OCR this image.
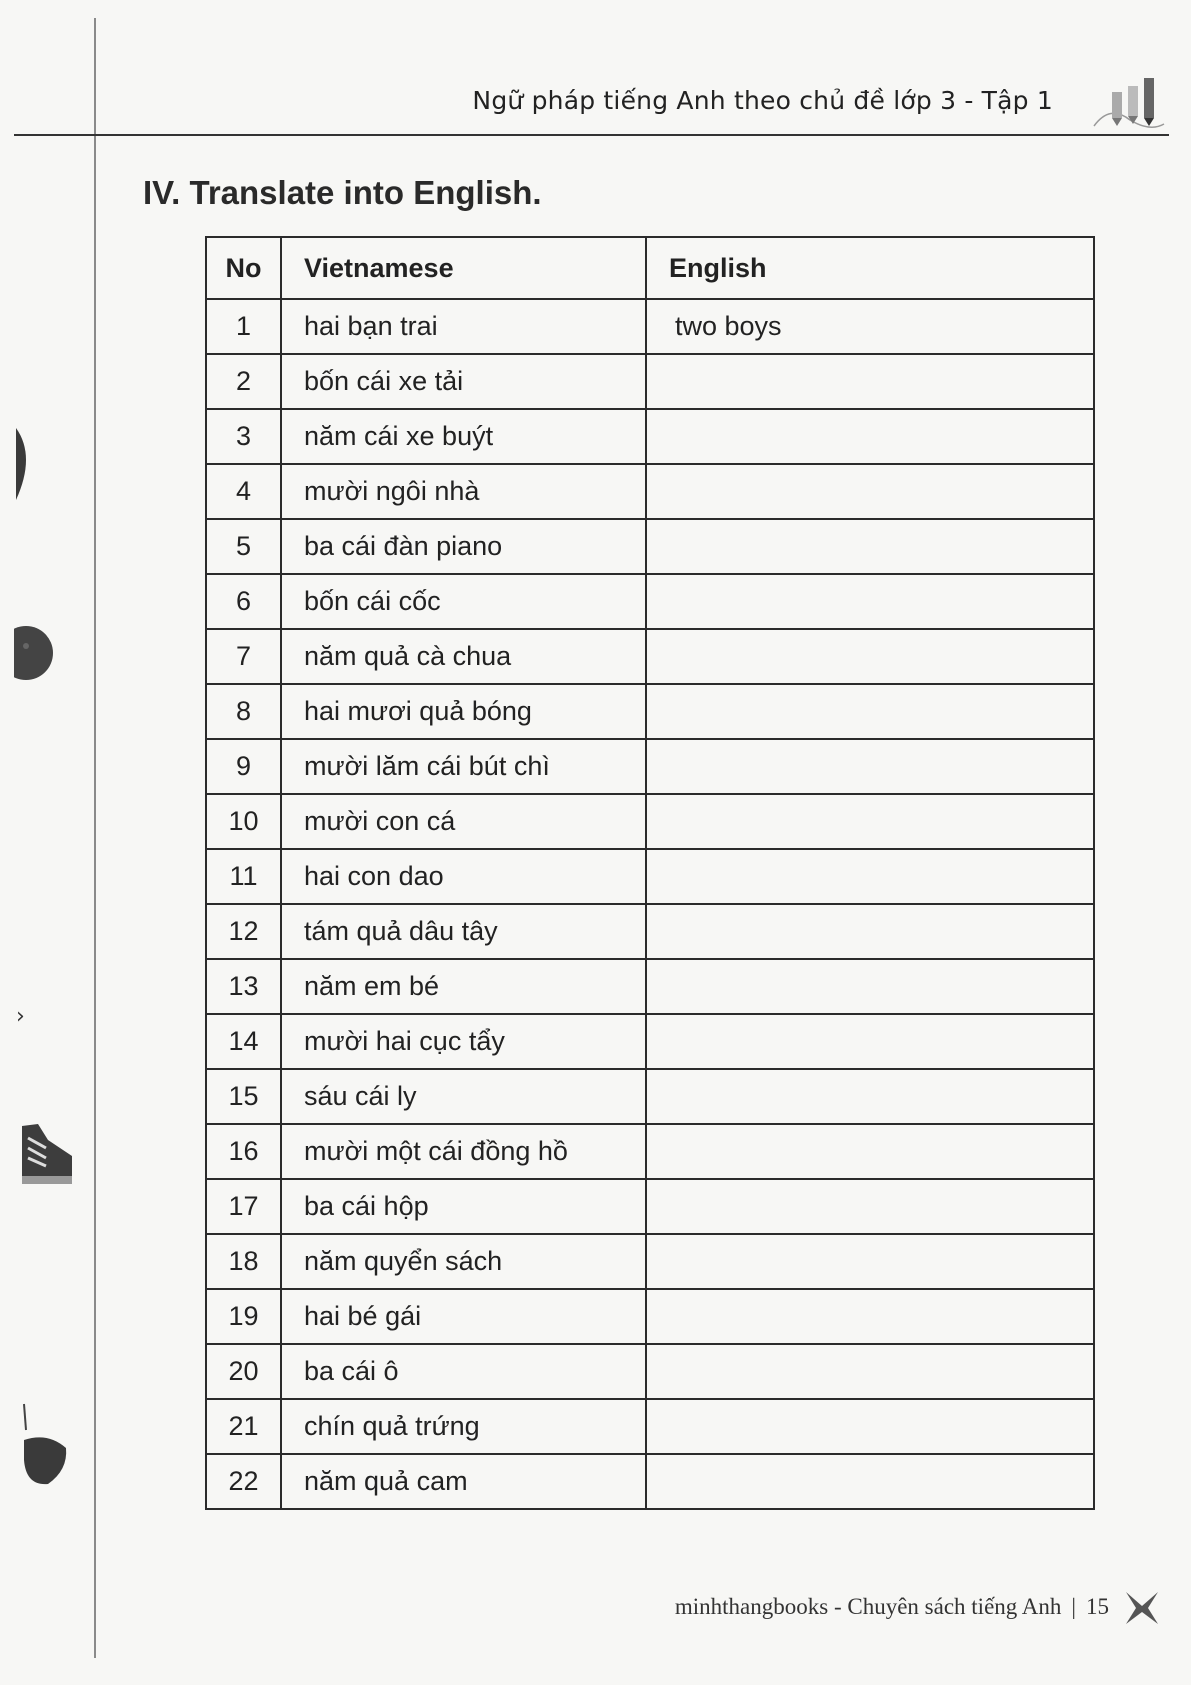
Ngữ pháp tiếng Anh theo chủ đề lớp 3 - Tập 1
IV. Translate into English.
No	Vietnamese	English
1	hai bạn trai	two boys
2	bốn cái xe tải	
3	năm cái xe buýt	
4	mười ngôi nhà	
5	ba cái đàn piano	
6	bốn cái cốc	
7	năm quả cà chua	
8	hai mươi quả bóng	
9	mười lăm cái bút chì	
10	mười con cá	
11	hai con dao	
12	tám quả dâu tây	
13	năm em bé	
14	mười hai cục tẩy	
15	sáu cái ly	
16	mười một cái đồng hồ	
17	ba cái hộp	
18	năm quyển sách	
19	hai bé gái	
20	ba cái ô	
21	chín quả trứng	
22	năm quả cam	
›
minhthangbooks - Chuyên sách tiếng Anh | 15
